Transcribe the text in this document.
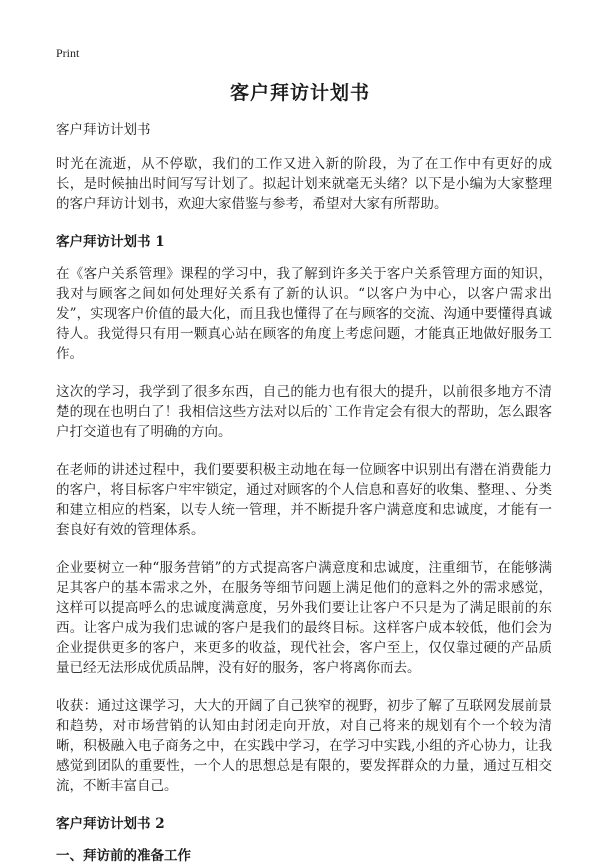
Print
客户拜访计划书

客户拜访计划书

时光在流逝，从不停歇，我们的工作又进入新的阶段，为了在工作中有更好的成长，是时候抽出时间写写计划了。拟起计划来就毫无头绪？以下是小编为大家整理的客户拜访计划书，欢迎大家借鉴与参考，希望对大家有所帮助。

客户拜访计划书 1

在《客户关系管理》课程的学习中，我了解到许多关于客户关系管理方面的知识，我对与顾客之间如何处理好关系有了新的认识。“以客户为中心，以客户需求出发”，实现客户价值的最大化，而且我也懂得了在与顾客的交流、沟通中要懂得真诚待人。我觉得只有用一颗真心站在顾客的角度上考虑问题，才能真正地做好服务工作。

这次的学习，我学到了很多东西，自己的能力也有很大的提升，以前很多地方不清楚的现在也明白了！我相信这些方法对以后的`工作肯定会有很大的帮助，怎么跟客户打交道也有了明确的方向。

在老师的讲述过程中，我们要要积极主动地在每一位顾客中识别出有潜在消费能力的客户，将目标客户牢牢锁定，通过对顾客的个人信息和喜好的收集、整理、、分类和建立相应的档案，以专人统一管理，并不断提升客户满意度和忠诚度，才能有一套良好有效的管理体系。

企业要树立一种“服务营销”的方式提高客户满意度和忠诚度，注重细节，在能够满足其客户的基本需求之外，在服务等细节问题上满足他们的意料之外的需求感觉，这样可以提高呼么的忠诚度满意度，另外我们要让让客户不只是为了满足眼前的东西。让客户成为我们忠诚的客户是我们的最终目标。这样客户成本较低，他们会为企业提供更多的客户，来更多的收益，现代社会，客户至上，仅仅靠过硬的产品质量已经无法形成优质品牌，没有好的服务，客户将离你而去。

收获：通过这课学习，大大的开阔了自己狭窄的视野，初步了解了互联网发展前景和趋势，对市场营销的认知由封闭走向开放，对自己将来的规划有个一个较为清晰，积极融入电子商务之中，在实践中学习，在学习中实践,小组的齐心协力，让我感觉到团队的重要性，一个人的思想总是有限的，要发挥群众的力量，通过互相交流，不断丰富自己。

客户拜访计划书 2
一、拜访前的准备工作
